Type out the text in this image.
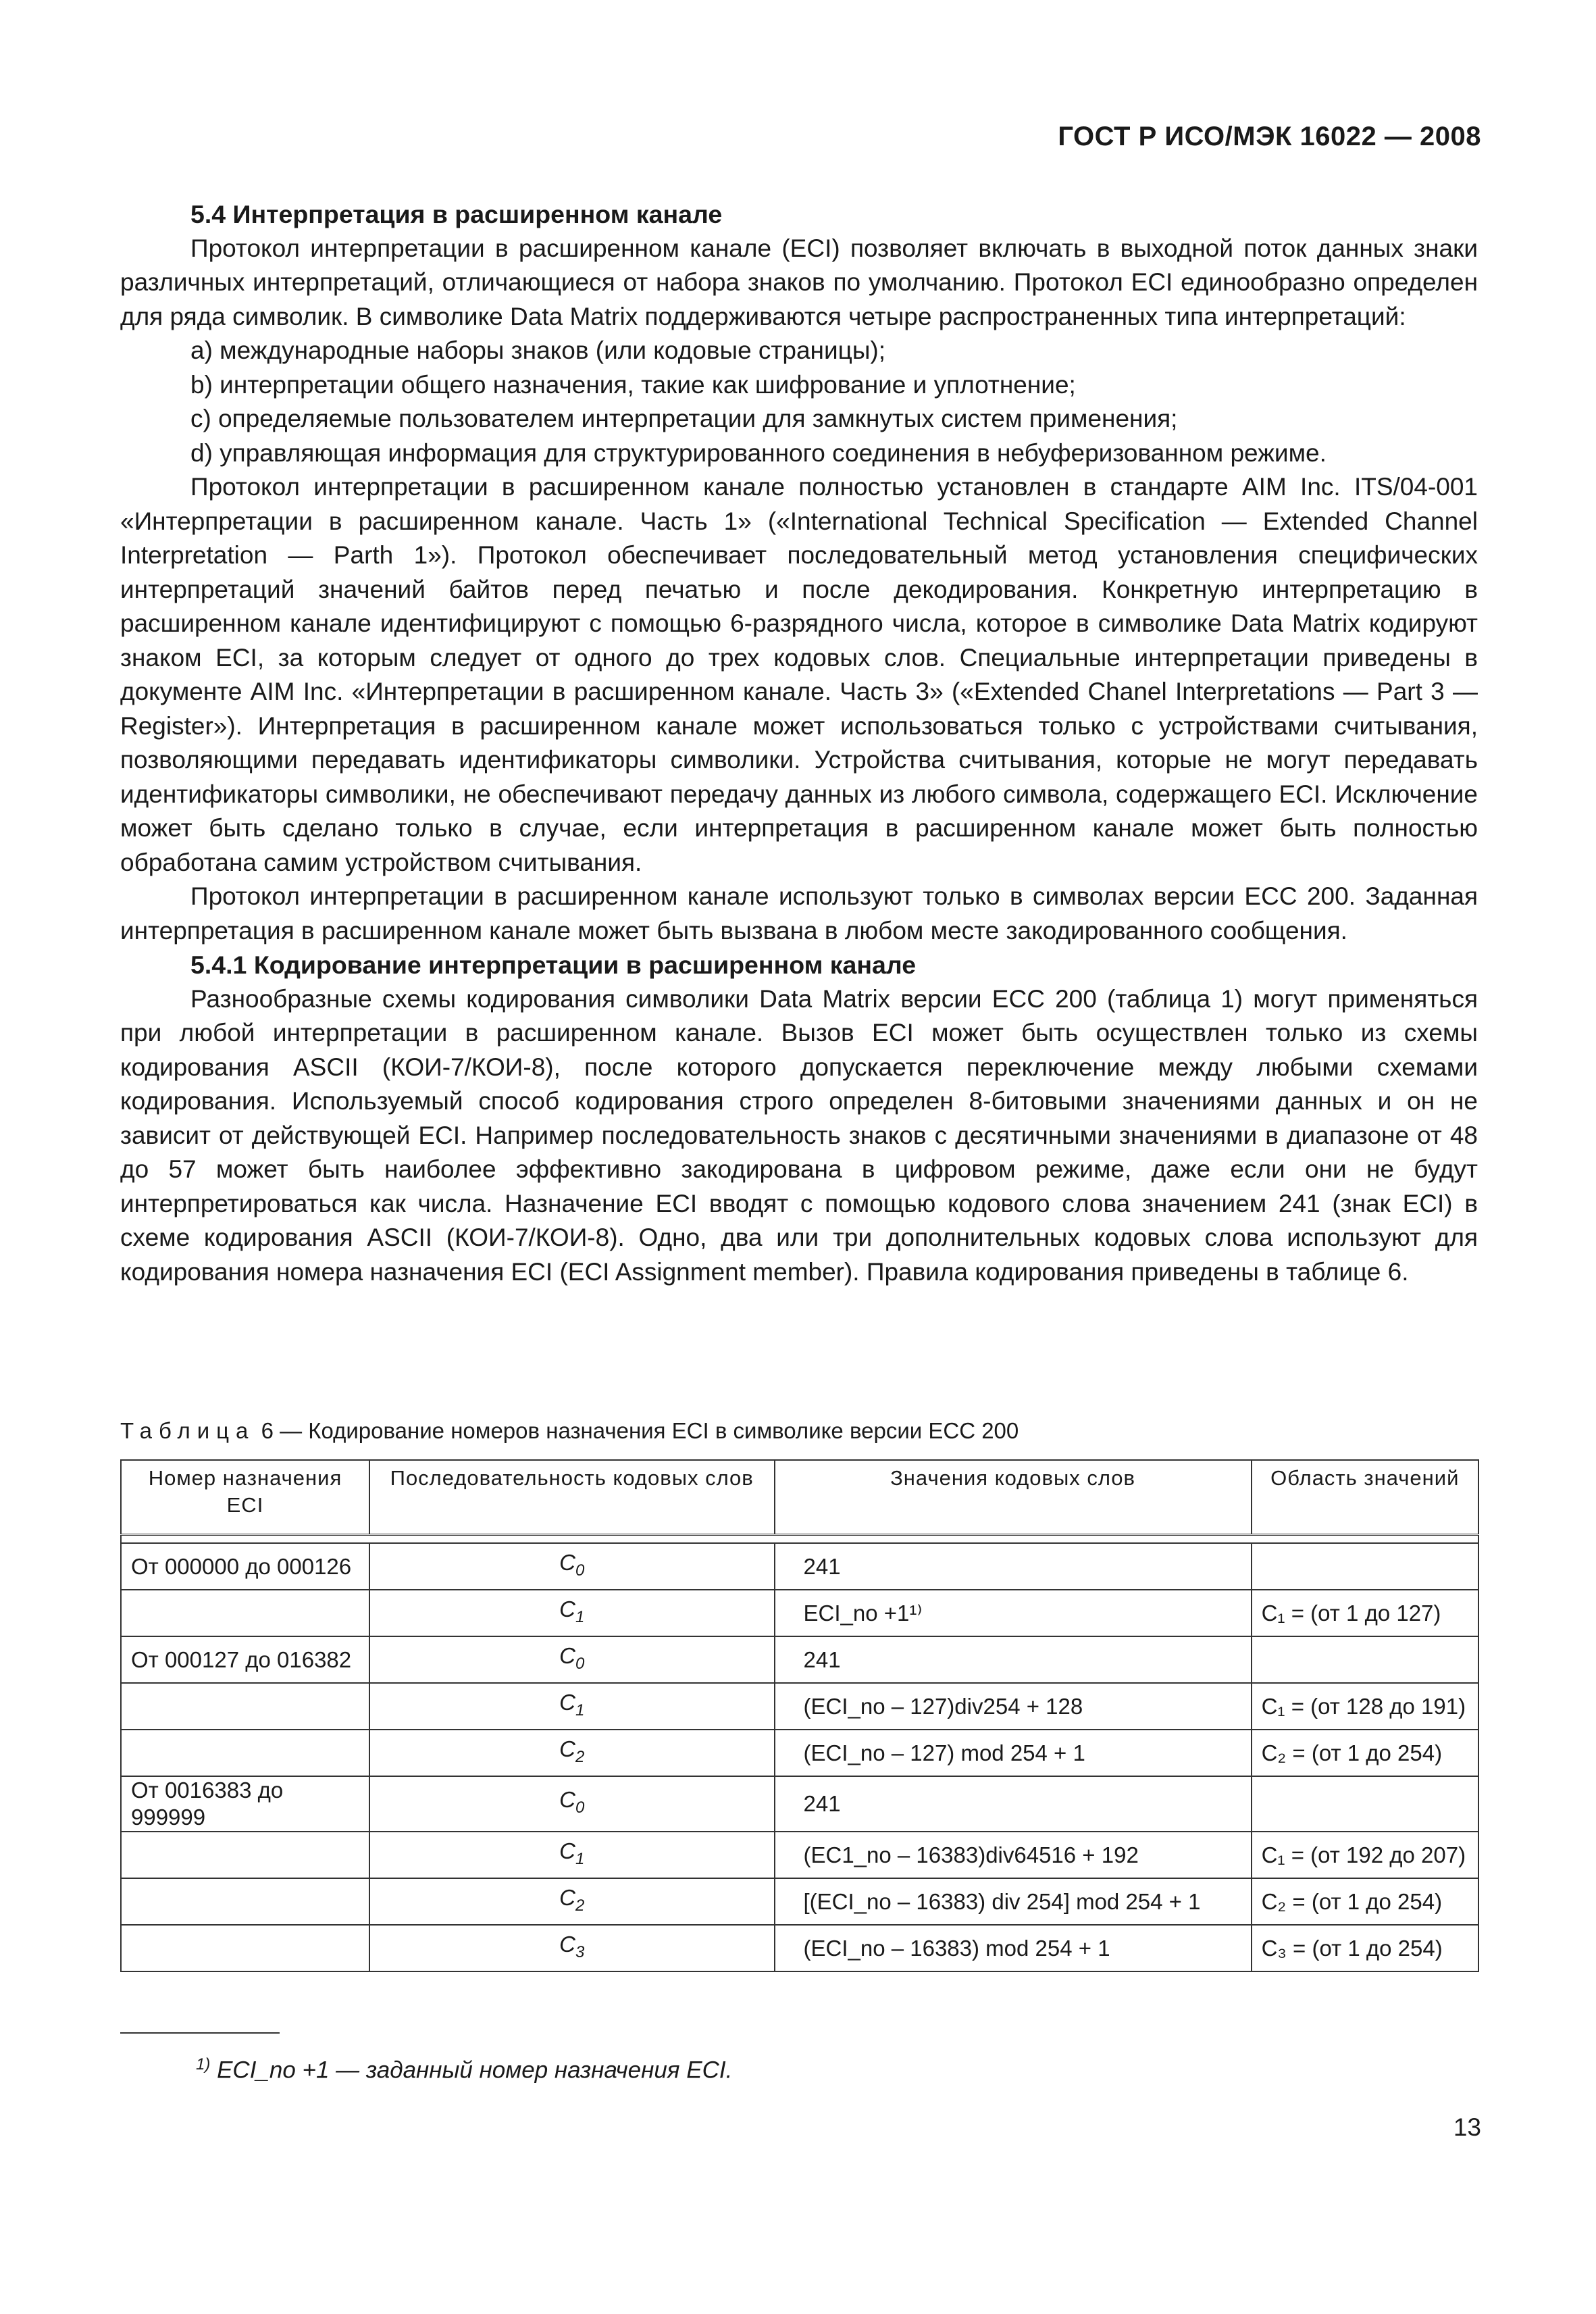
ГОСТ Р ИСО/МЭК 16022 — 2008
5.4 Интерпретация в расширенном канале

Протокол интерпретации в расширенном канале (ECI) позволяет включать в выходной поток данных знаки различных интерпретаций, отличающиеся от набора знаков по умолчанию. Протокол ECI единообразно определен для ряда символик. В символике Data Matrix поддерживаются четыре распространенных типа интерпретаций:

a) международные наборы знаков (или кодовые страницы);

b) интерпретации общего назначения, такие как шифрование и уплотнение;

c) определяемые пользователем интерпретации для замкнутых систем применения;

d) управляющая информация для структурированного соединения в небуферизованном режиме.

Протокол интерпретации в расширенном канале полностью установлен в стандарте AIM Inc. ITS/04-001 «Интерпретации в расширенном канале. Часть 1» («International Technical Specification — Extended Channel Interpretation — Parth 1»). Протокол обеспечивает последовательный метод установления специфических интерпретаций значений байтов перед печатью и после декодирования. Конкретную интерпретацию в расширенном канале идентифицируют с помощью 6-разрядного числа, которое в символике Data Matrix кодируют знаком ECI, за которым следует от одного до трех кодовых слов. Специальные интерпретации приведены в документе AIM Inc. «Интерпретации в расширенном канале. Часть 3» («Extended Chanel Interpretations — Part 3 — Register»). Интерпретация в расширенном канале может использоваться только с устройствами считывания, позволяющими передавать идентификаторы символики. Устройства считывания, которые не могут передавать идентификаторы символики, не обеспечивают передачу данных из любого символа, содержащего ECI. Исключение может быть сделано только в случае, если интерпретация в расширенном канале может быть полностью обработана самим устройством считывания.

Протокол интерпретации в расширенном канале используют только в символах версии ECC 200. Заданная интерпретация в расширенном канале может быть вызвана в любом месте закодированного сообщения.

5.4.1 Кодирование интерпретации в расширенном канале

Разнообразные схемы кодирования символики Data Matrix версии ECC 200 (таблица 1) могут применяться при любой интерпретации в расширенном канале. Вызов ECI может быть осуществлен только из схемы кодирования ASCII (КОИ-7/КОИ-8), после которого допускается переключение между любыми схемами кодирования. Используемый способ кодирования строго определен 8-битовыми значениями данных и он не зависит от действующей ECI. Например последовательность знаков с десятичными значениями в диапазоне от 48 до 57 может быть наиболее эффективно закодирована в цифровом режиме, даже если они не будут интерпретироваться как числа. Назначение ECI вводят с помощью кодового слова значением 241 (знак ECI) в схеме кодирования ASCII (КОИ-7/КОИ-8). Одно, два или три дополнительных кодовых слова используют для кодирования номера назначения ECI (ECI Assignment member). Правила кодирования приведены в таблице 6.

Таблица 6 — Кодирование номеров назначения ECI в символике версии ECC 200
Номер назначения ECI	Последовательность кодовых слов	Значения кодовых слов	Область значений

От 000000 до 000126	$C_0$	241	
	$C_1$	ECI_no +1¹⁾	C₁ = (от 1 до 127)
От 000127 до 016382	$C_0$	241	
	$C_1$	(ECI_no – 127)div254 + 128	C₁ = (от 128 до 191)
	$C_2$	(ECI_no – 127) mod 254 + 1	C₂ = (от 1 до 254)
От 0016383 до 999999	$C_0$	241	
	$C_1$	(EC1_no – 16383)div64516 + 192	C₁ = (от 192 до 207)
	$C_2$	[(ECI_no – 16383) div 254] mod 254 + 1	C₂ = (от 1 до 254)
	$C_3$	(ECI_no – 16383) mod 254 + 1	C₃ = (от 1 до 254)
$^{1)}$ ECI_no +1 — заданный номер назначения ECI.
13
